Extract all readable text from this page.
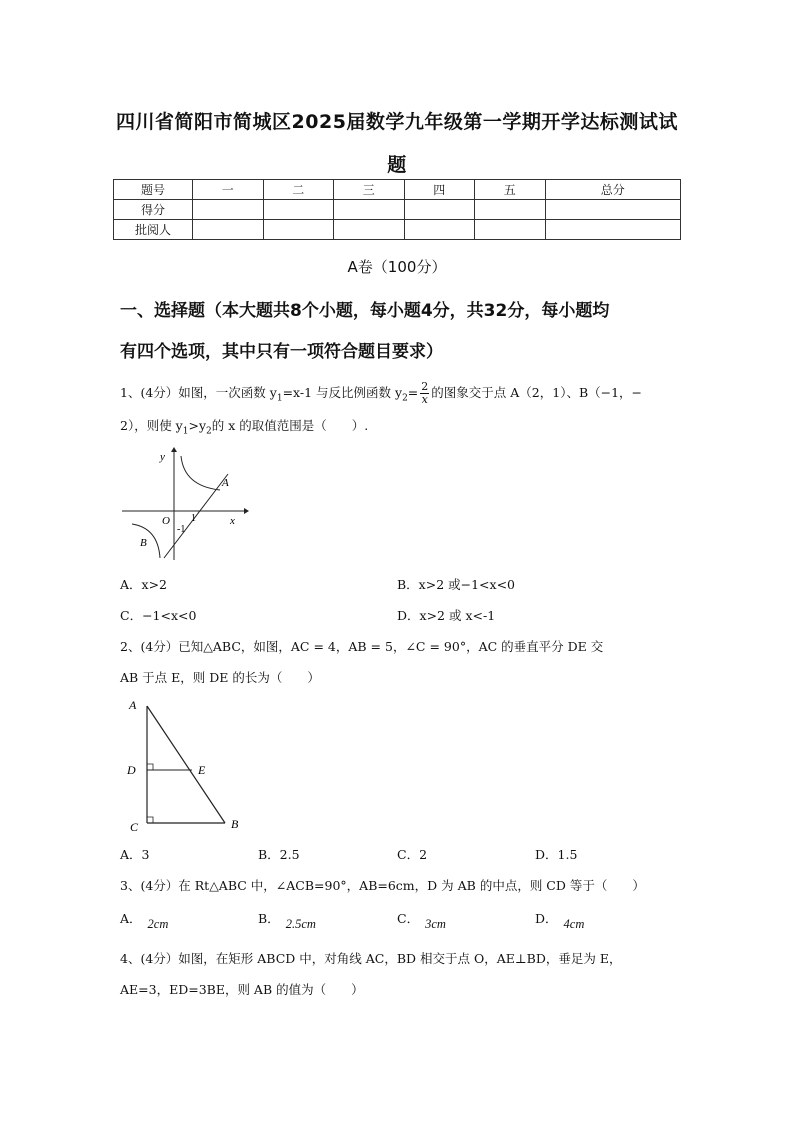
四川省简阳市简城区2025届数学九年级第一学期开学达标测试试
题
题号	一	二	三	四	五	总分
得分						
批阅人						
A卷（100分）
一、选择题（本大题共8个小题，每小题4分，共32分，每小题均
有四个选项，其中只有一项符合题目要求）
1、(4分）如图，一次函数 $y_1=x-1$ 与反比例函数 $y_2= \frac{2}{x}$ 的图象交于点 A（2，1）、B（−1，−
2），则使 $y_1>y_2$的 x 的取值范围是（　　）.
y
x
O 1
-1
A
B
A．x>2	B．x>2 或−1<x<0
C．−1<x<0	D．x>2 或 x<-1
2、(4分）已知△ABC，如图，AC = 4，AB = 5，∠C = 90°，AC 的垂直平分 DE 交
AB 于点 E，则 DE 的长为（　　）
A
D	E
C	B
A．3	B．2.5	C．2	D．1.5
3、(4分）在 Rt△ABC 中，∠ACB=90°，AB=6cm，D 为 AB 的中点，则 CD 等于（　　）
A． 2cm	B． 2.5cm	C． 3cm	D． 4cm
4、(4分）如图，在矩形 ABCD 中，对角线 AC，BD 相交于点 O，AE⊥BD，垂足为 E，
AE=3，ED=3BE，则 AB 的值为（　　）
